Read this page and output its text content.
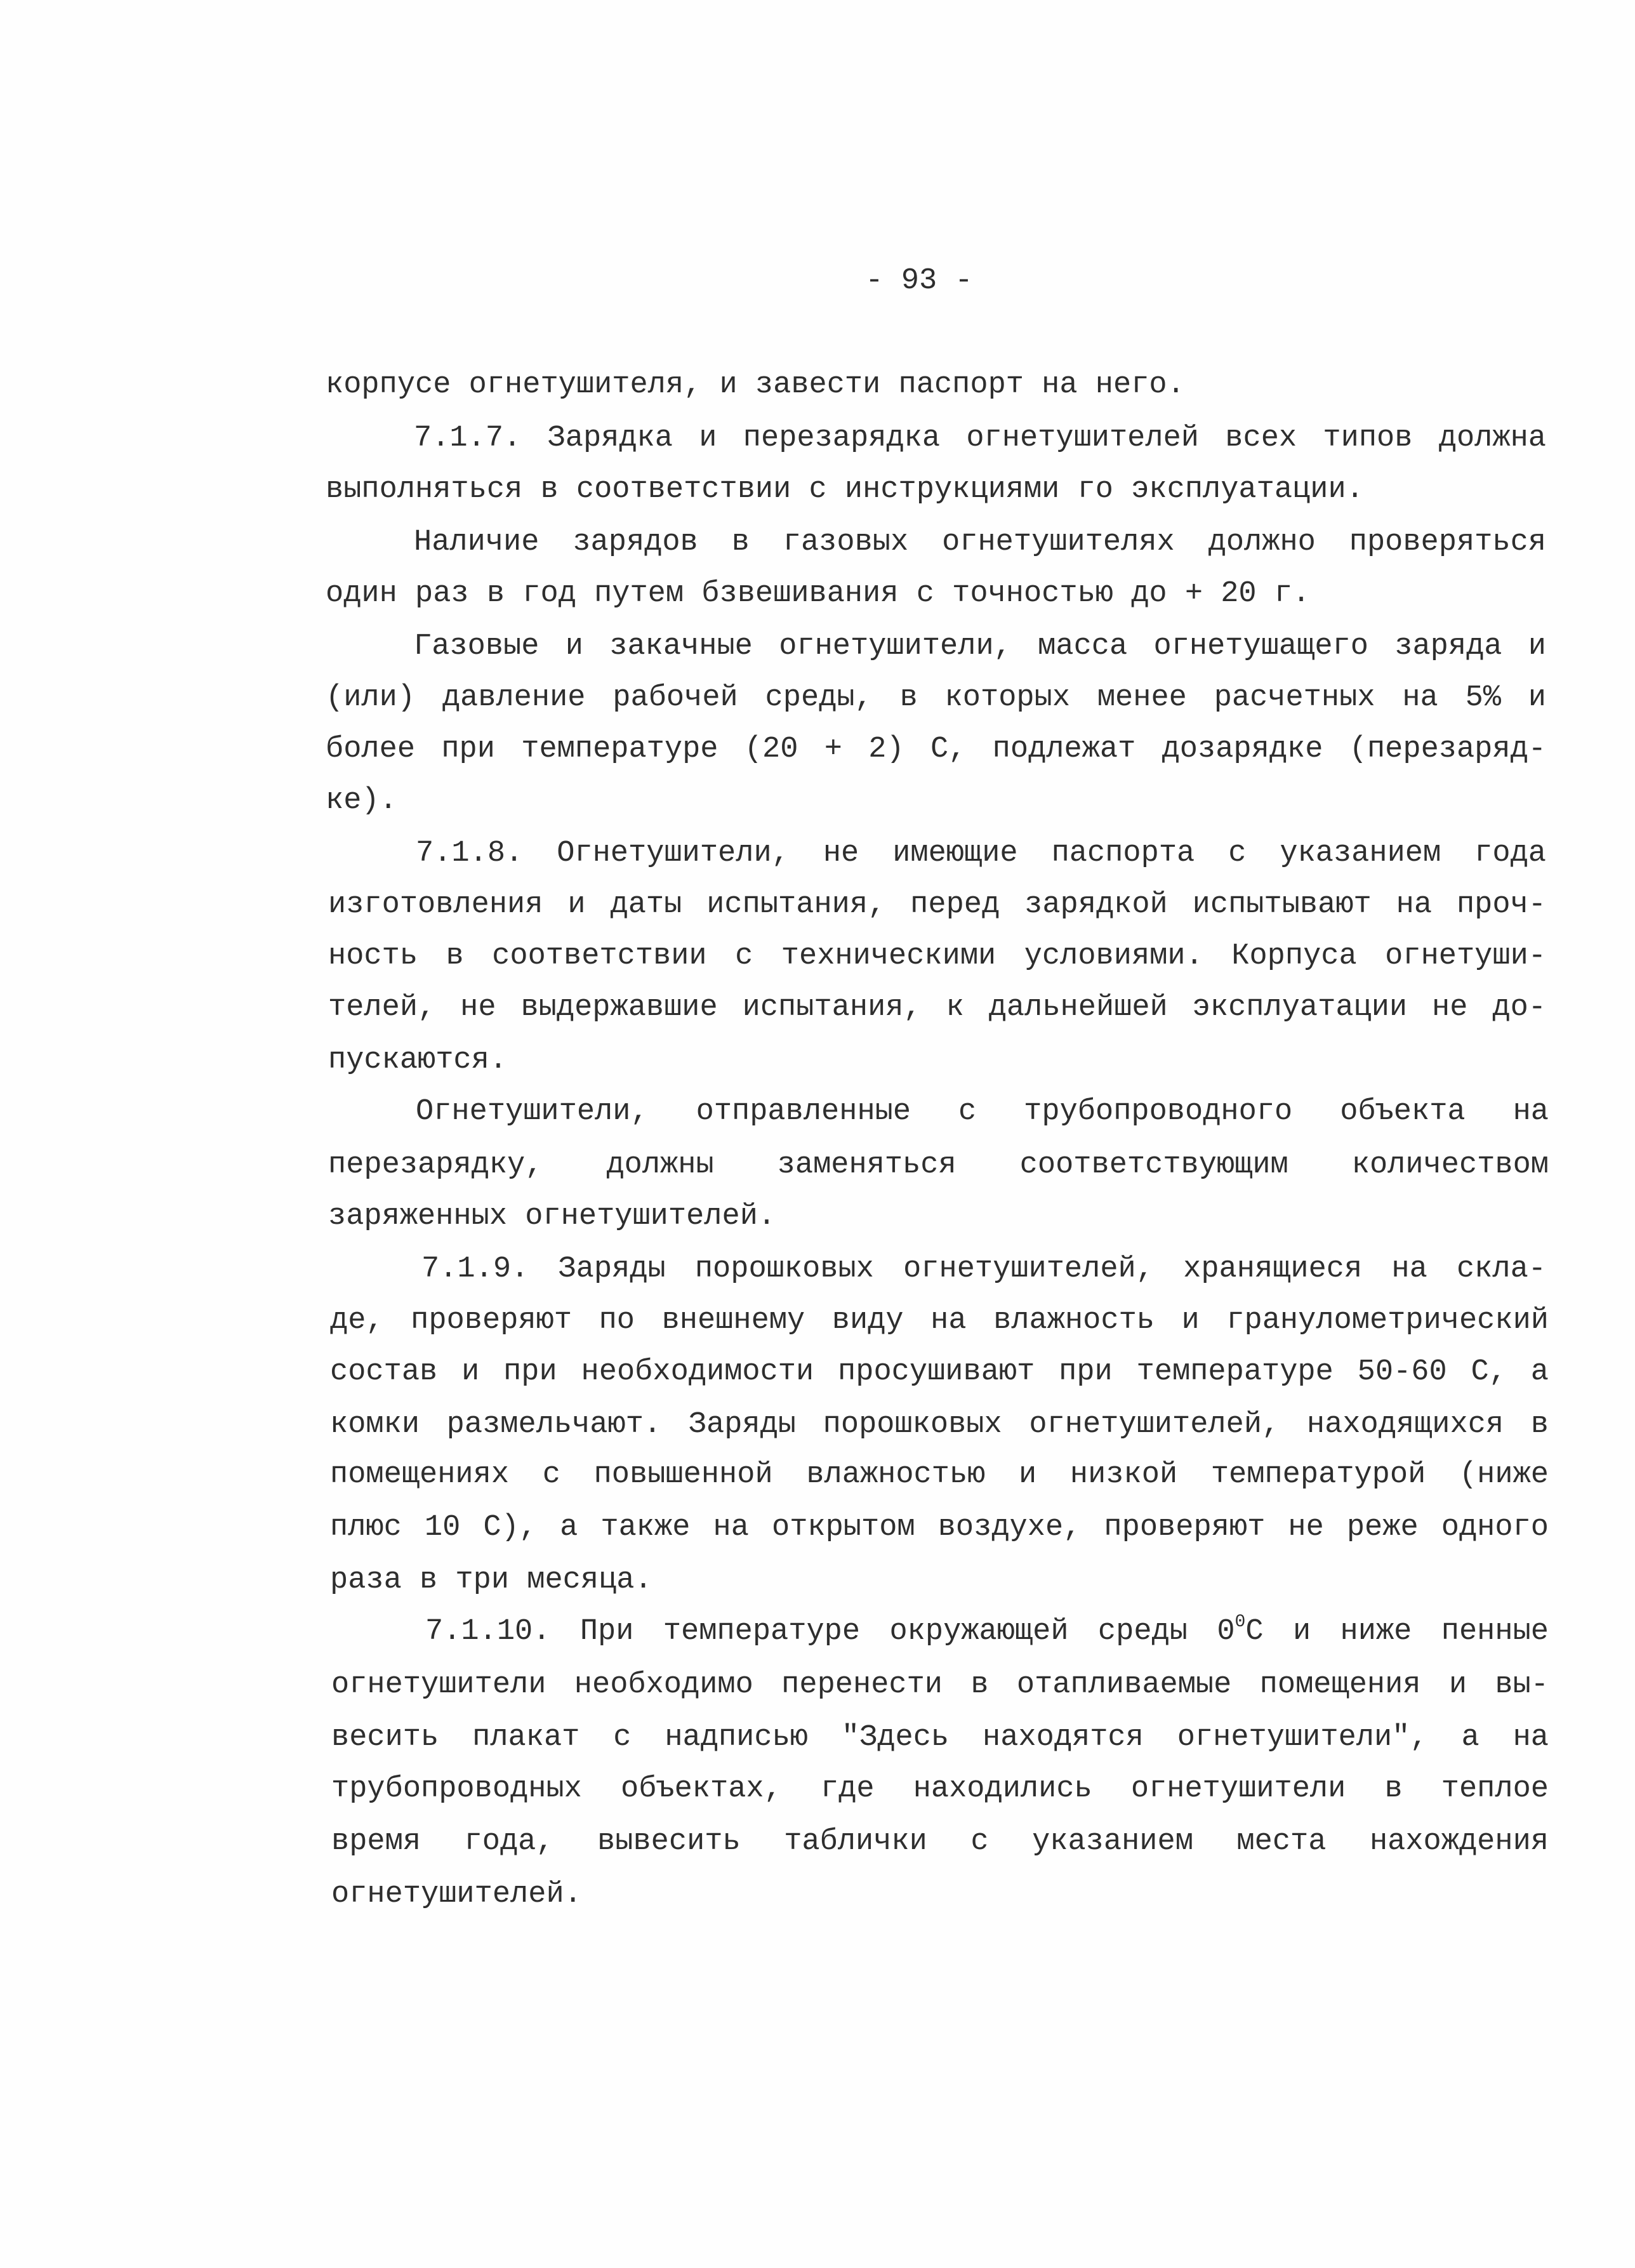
- 93 -
корпусе огнетушителя, и завести паспорт на него.
7.1.7. Зарядка и перезарядка огнетушителей всех типов должна
выполняться в соответствии с инструкциями го эксплуатации.
Наличие зарядов в газовых огнетушителях должно проверяться
один раз в год путем бзвешивания с точностью до + 20 г.
Газовые и закачные огнетушители, масса огнетушащего заряда и
(или) давление рабочей среды, в которых менее расчетных на 5% и
более при температуре (20 + 2) С, подлежат дозарядке (перезаряд-
ке).
7.1.8. Огнетушители, не имеющие паспорта с указанием года
изготовления и даты испытания, перед зарядкой испытывают на проч-
ность в соответствии с техническими условиями. Корпуса огнетуши-
телей, не выдержавшие испытания, к дальнейшей эксплуатации не до-
пускаются.
Огнетушители, отправленные с трубопроводного объекта на
перезарядку, должны заменяться соответствующим количеством
заряженных огнетушителей.
7.1.9. Заряды порошковых огнетушителей, хранящиеся на скла-
де, проверяют по внешнему виду на влажность и гранулометрический
состав и при необходимости просушивают при температуре 50-60 С, а
комки размельчают. Заряды порошковых огнетушителей, находящихся в
помещениях с повышенной влажностью и низкой температурой (ниже
плюс 10 С), а также на открытом воздухе, проверяют не реже одного
раза в три месяца.
7.1.10. При температуре окружающей среды $0^0С$ и ниже пенные
огнетушители необходимо перенести в отапливаемые помещения и вы-
весить плакат с надписью "Здесь находятся огнетушители", а на
трубопроводных объектах, где находились огнетушители в теплое
время года, вывесить таблички с указанием места нахождения
огнетушителей.
